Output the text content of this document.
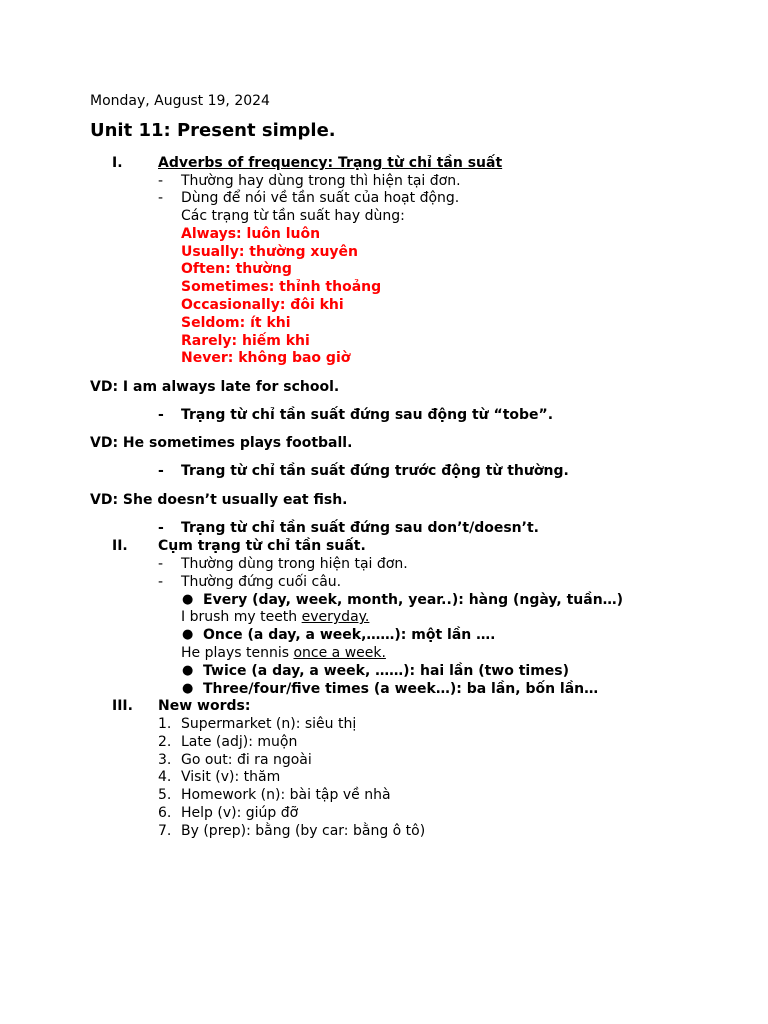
Monday, August 19, 2024
Unit 11: Present simple.
I.	Adverbs of frequency: Trạng từ chỉ tần suất
- Thường hay dùng trong thì hiện tại đơn.
- Dùng để nói về tần suất của hoạt động.
Các trạng từ tần suất hay dùng:
Always: luôn luôn
Usually: thường xuyên
Often: thường
Sometimes: thỉnh thoảng
Occasionally: đôi khi
Seldom: ít khi
Rarely: hiếm khi
Never: không bao giờ
VD: I am always late for school.
- Trạng từ chỉ tần suất đứng sau động từ “tobe”.
VD: He sometimes plays football.
- Trang từ chỉ tần suất đứng trước động từ thường.
VD: She doesn’t usually eat fish.
- Trạng từ chỉ tần suất đứng sau don’t/doesn’t.
II. Cụm trạng từ chỉ tần suất.
- Thường dùng trong hiện tại đơn.
- Thường đứng cuối câu.
● Every (day, week, month, year..): hàng (ngày, tuần…)
I brush my teeth everyday.
● Once (a day, a week,……): một lần ….
He plays tennis once a week.
● Twice (a day, a week, ……): hai lần (two times)
● Three/four/five times (a week…): ba lần, bốn lần…
III. New words:
1. Supermarket (n): siêu thị
2. Late (adj): muộn
3. Go out: đi ra ngoài
4. Visit (v): thăm
5. Homework (n): bài tập về nhà
6. Help (v): giúp đỡ
7. By (prep): bằng (by car: bằng ô tô)
